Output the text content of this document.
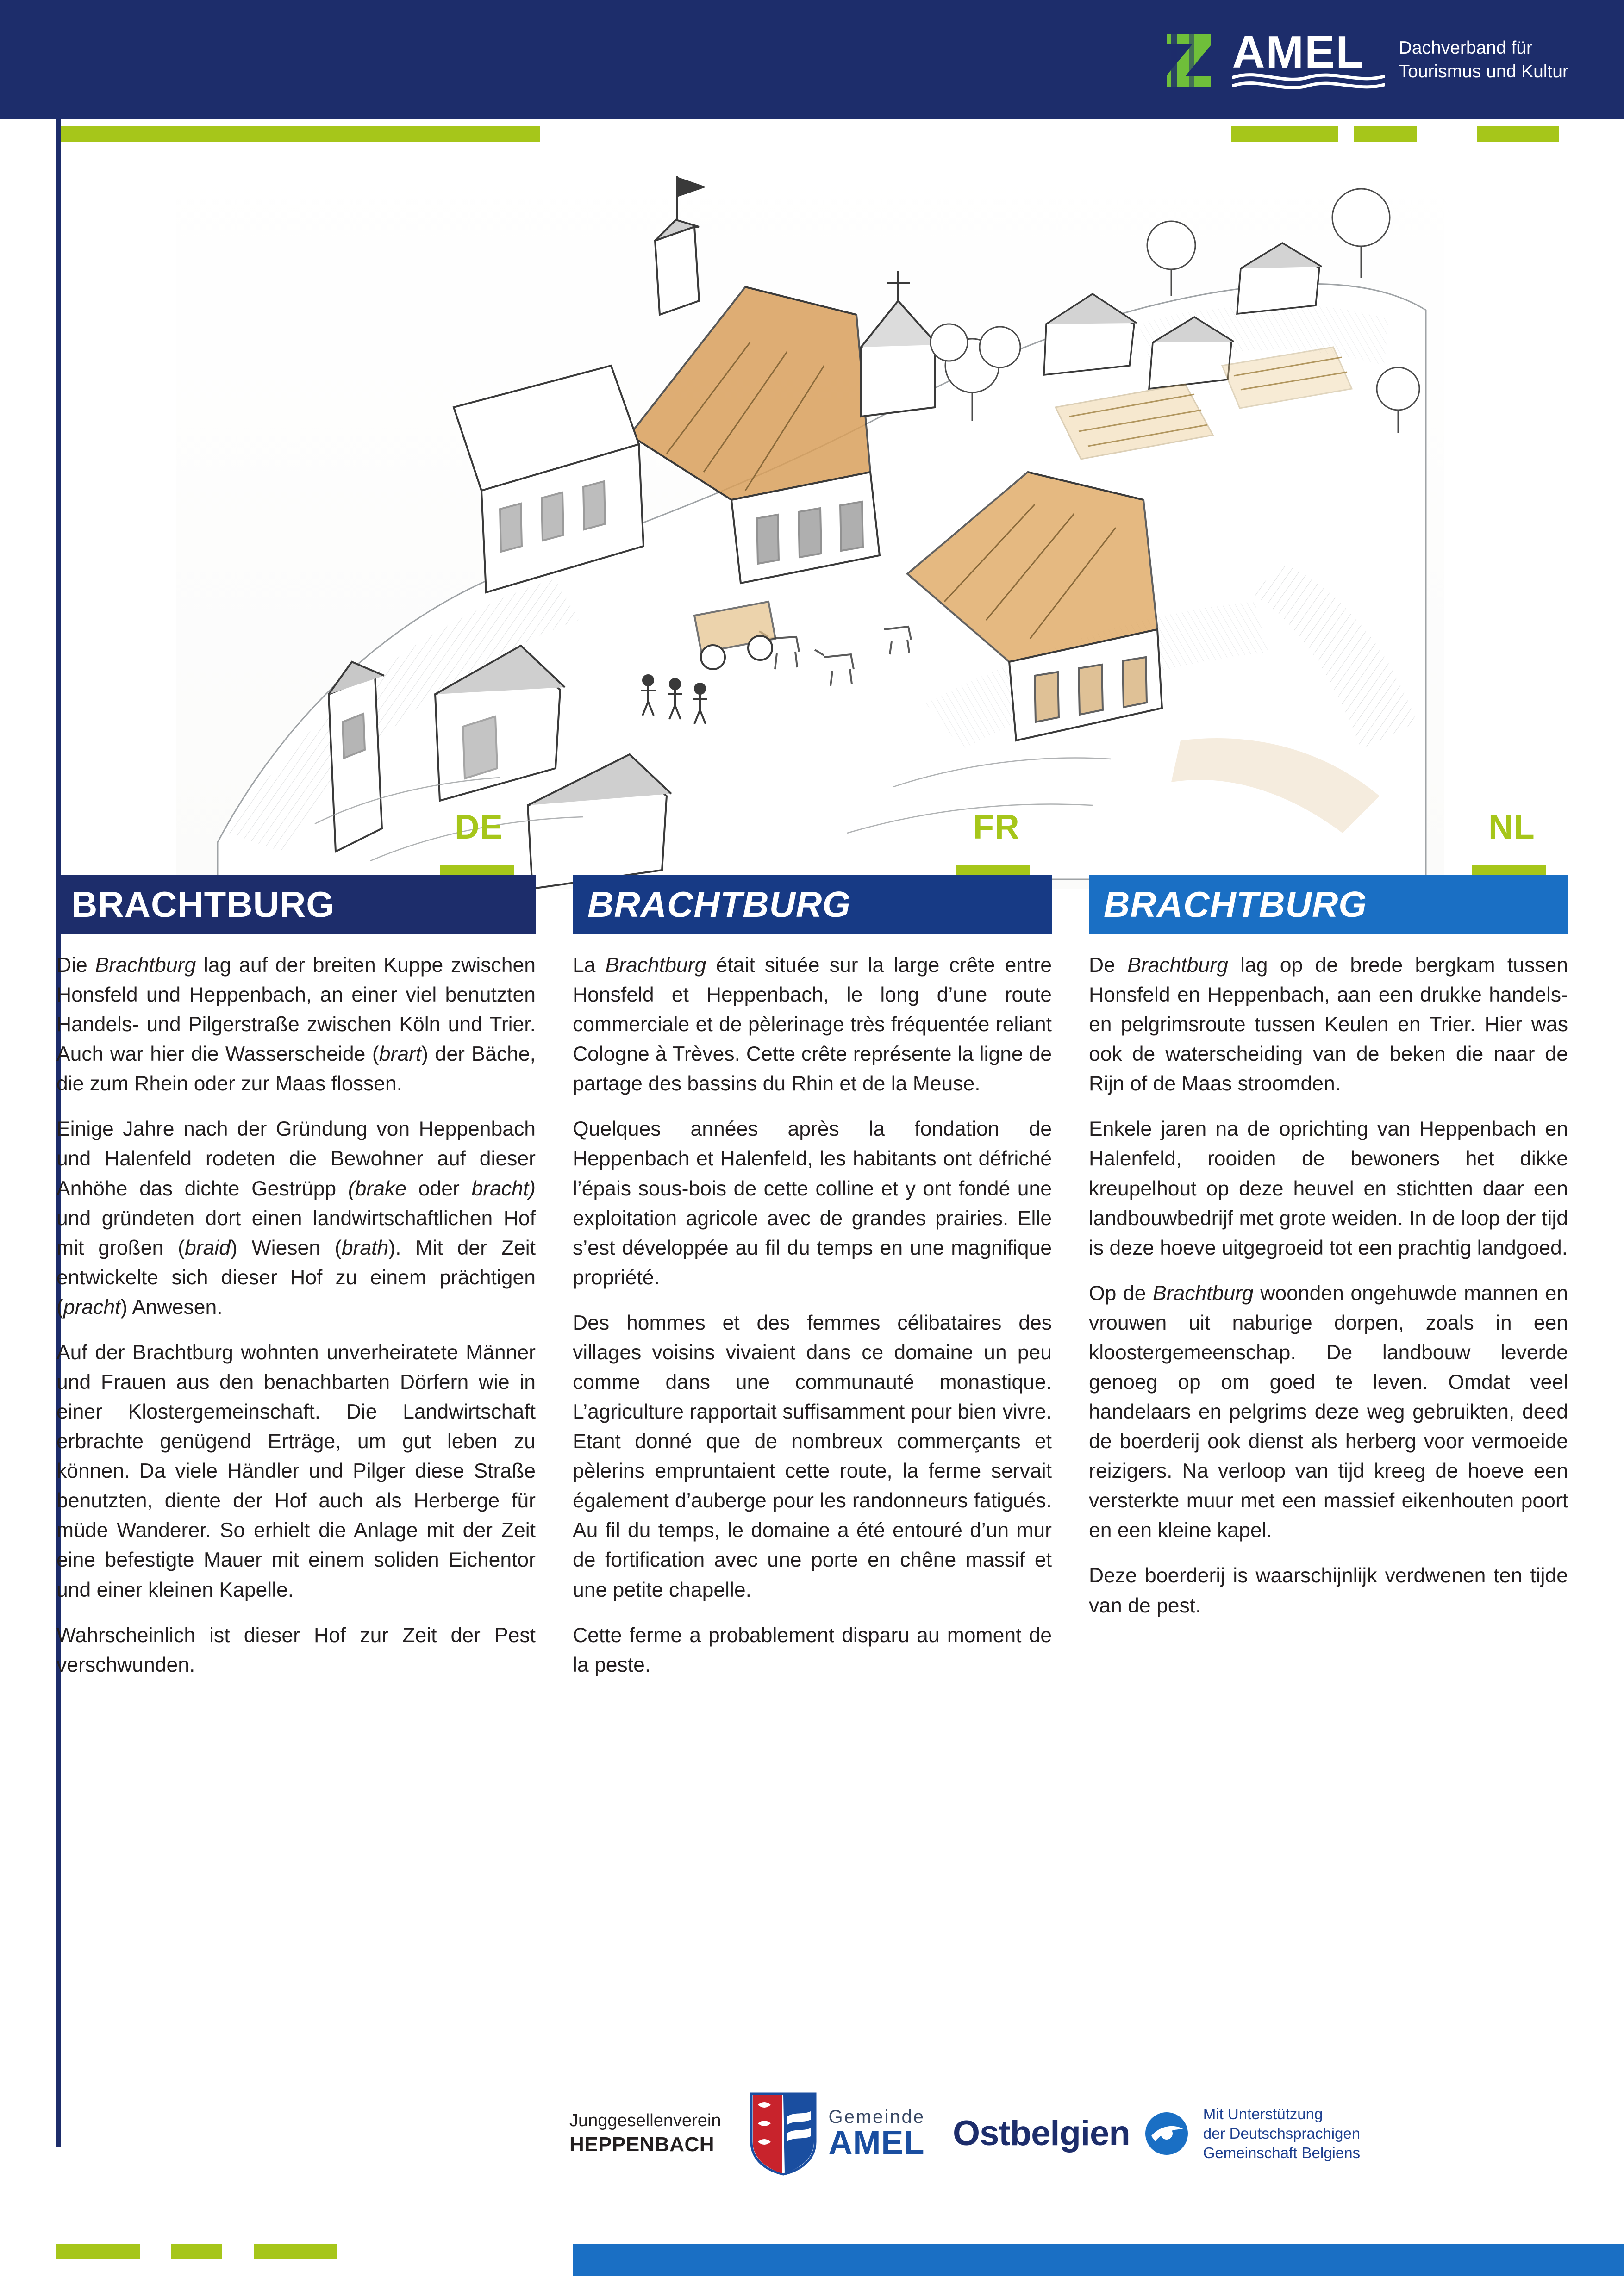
AMEL	Dachverband für
Tourismus und Kultur
DE	FR	NL
BRACHTBURG

Die Brachtburg lag auf der breiten Kuppe zwischen Honsfeld und Heppenbach, an einer viel benutzten Handels- und Pilgerstraße zwischen Köln und Trier. Auch war hier die Wasserscheide (brart) der Bäche, die zum Rhein oder zur Maas flossen.

Einige Jahre nach der Gründung von Heppenbach und Halenfeld rodeten die Bewohner auf dieser Anhöhe das dichte Gestrüpp (brake oder bracht) und gründeten dort einen landwirtschaftlichen Hof mit großen (braid) Wiesen (brath). Mit der Zeit entwickelte sich dieser Hof zu einem prächtigen (pracht) Anwesen.

Auf der Brachtburg wohnten unverheiratete Männer und Frauen aus den benachbarten Dörfern wie in einer Klostergemeinschaft. Die Landwirtschaft erbrachte genügend Erträge, um gut leben zu können. Da viele Händler und Pilger diese Straße benutzten, diente der Hof auch als Herberge für müde Wanderer. So erhielt die Anlage mit der Zeit eine befestigte Mauer mit einem soliden Eichentor und einer kleinen Kapelle.

Wahrscheinlich ist dieser Hof zur Zeit der Pest verschwunden.

BRACHTBURG

La Brachtburg était située sur la large crête entre Honsfeld et Heppenbach, le long d’une route commerciale et de pèlerinage très fréquentée reliant Cologne à Trèves. Cette crête représente la ligne de partage des bassins du Rhin et de la Meuse.

Quelques années après la fondation de Heppenbach et Halenfeld, les habitants ont défriché l’épais sous-bois de cette colline et y ont fondé une exploitation agricole avec de grandes prairies. Elle s’est développée au fil du temps en une magnifique propriété.

Des hommes et des femmes célibataires des villages voisins vivaient dans ce domaine un peu comme dans une communauté monastique. L’agriculture rapportait suffisamment pour bien vivre. Etant donné que de nombreux commerçants et pèlerins empruntaient cette route, la ferme servait également d’auberge pour les randonneurs fatigués. Au fil du temps, le domaine a été entouré d’un mur de fortification avec une porte en chêne massif et une petite chapelle.

Cette ferme a probablement disparu au moment de la peste.

BRACHTBURG

De Brachtburg lag op de brede bergkam tussen Honsfeld en Heppenbach, aan een drukke handels- en pelgrimsroute tussen Keulen en Trier. Hier was ook de waterscheiding van de beken die naar de Rijn of de Maas stroomden.

Enkele jaren na de oprichting van Heppenbach en Halenfeld, rooiden de bewoners het dikke kreupelhout op deze heuvel en stichtten daar een landbouwbedrijf met grote weiden. In de loop der tijd is deze hoeve uitgegroeid tot een prachtig landgoed.

Op de Brachtburg woonden ongehuwde mannen en vrouwen uit naburige dorpen, zoals in een kloostergemeenschap. De landbouw leverde genoeg op om goed te leven. Omdat veel handelaars en pelgrims deze weg gebruikten, deed de boerderij ook dienst als herberg voor vermoeide reizigers. Na verloop van tijd kreeg de hoeve een versterkte muur met een massief eikenhouten poort en een kleine kapel.

Deze boerderij is waarschijnlijk verdwenen ten tijde van de pest.

Junggesellenverein
HEPPENBACH
Gemeinde
AMEL Ostbelgien
Mit Unterstützung
der Deutschsprachigen
Gemeinschaft Belgiens
